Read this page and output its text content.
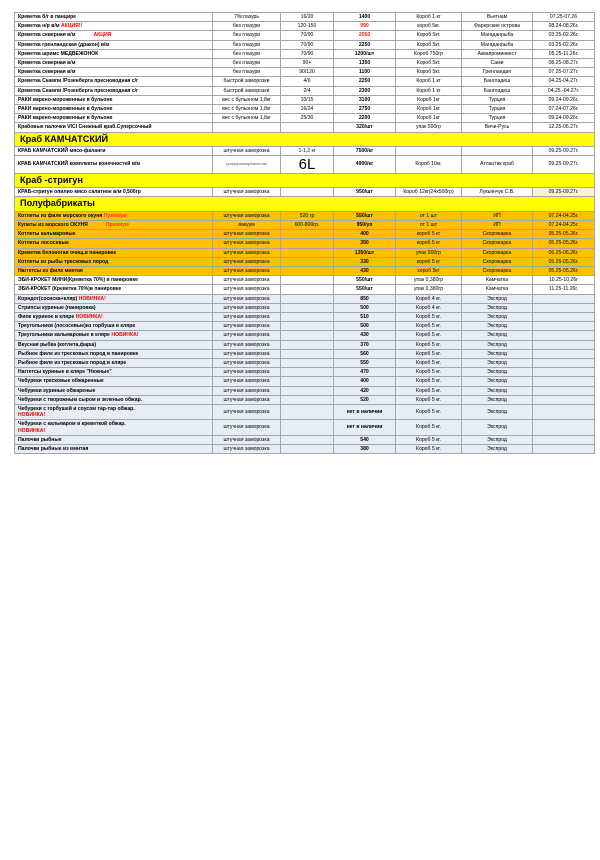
Креветка б/г в панцире	7%глазурь	16/20	1400	Короб 1 кг	Вьетнам	07.25-07.26
Креветка н/р в/м АКЦИЯ!!	без глазури	120-150	990	короб 5кг.	Фарерские острова	08.24-08.26г.
Креветка северная в/м АКЦИЯ	без глазури	70/90	2050	Короб 5кг.	Магаданрыба	03.25-02.26г.
Креветка гренландская (дракон) в/м	без глазури	70/90	2250	Короб 5кг.	Магаданрыба	03.25-02.26г.
Креветка шримс МЕДВЕЖОНОК	без глазури	70/90	1200/шт	Короб 750гр	Аквапроминвест	05.25-11.26г.
Креветка северная в/м	без глазури	90+	1350	Короб 5кг.	Сами	08.25-08.27г.
Креветка северная в/м	без глазури	90/120	1100	Короб 5кг.	Гренландия	07.25-07.27г.
Креветка Скампи /Розенберга пресноводная с/г	быстрой заморозки	4/6	2250	Короб 1 кг	Бангладеш	04.25-04.27г.
Креветка Скампи /Розенберга пресноводная с/г	быстрой заморозки	2/4	2300	Короб 1 кг	Бангладеш	04.25.-04.27г.
РАКИ варено-мороженные в бульоне	вес с бульоном 1,8кг	10/15	3100	Короб 1кг	Турция	09.24-09.26г.
РАКИ варено-мороженные в бульоне	вес с бульоном 1,8кг	16/24	2750	Короб 1кг	Турция	07.24-07.26г.
РАКИ варено-мороженные в бульоне	вес с бульоном 1,8кг	25/30	2200	Короб 1кг	Турция	09.24-09.26г.
Крабовые палочки VICI Снежный краб.Суперсочный			320/шт	упак 500гр	Вичи-Русь	12.25-06.27г.
Краб КАМЧАТСКИЙ						
КРАБ КАМЧАТСКИЙ мясо-фаланги	штучная заморозка	1-1,2 кг	7500/кг			09.25-09.27г.
КРАБ КАМЧАТСКИЙ комплекты конечностей в/м	супер/размер/качество	6L	4900/кг	Короб 10кг.	Атлантик краб	09.25-09.27г.
Краб -стригун						
КРАБ-стригун опилио мясо салатное в/м 0,500гр	штучная заморозка		950/шт	Короб 12кг(24х500гр)	Лукьянчук С.В.	09.25-09.27г.
Полуфабрикаты						
Котлеты из филе морского окуня Премиум	штучная заморозка	520 гр	550/шт	от 1 шт	ИП	07.24-04.25г.
Купаты из морского ОКУНЯ Премиум	вакуум	600-800гр.	950/уп	от 1 шт	ИП	07.24-04.25г.
Котлеты кальмаровые	штучная заморозка		400	короб 5 кг	Скорожарка	05.25-05.26г.
Котлеты лососевые	штучная заморозка		350	короб 5 кг	Скорожарка	05.25-05.26г.
Креветка белоногая очищ.в панировке	штучная заморозка		1350/шт	упак 900гр	Скорожарка	06.25-06.26г.
Котлеты из рыбы тресковых пород	штучная заморозка		330	короб 5 кг	Скорожарка	05.25-05.26г.
Наггетсы из филе минтая	штучная заморозка		430	короб 5кг	Скорожарка	05.25-05.26г.
ЭБИ-КРОКЕТ МИНИ(Креветка 70%) в панировке	штучная заморозка		550/шт	упак 0,380гр	Камчатка	10.25-10.26г
ЭБИ-КРОКЕТ (Креветка 70%)в панировке	штучная заморозка		550/шт	упак 0,380гр	Камчатка	11.25-11.26г.
Корндог(сосиска+кляр) НОВИНКА!	штучная заморозка		850	Короб 4 кг.	Экспрод	
Стрипсы куриные (панировка)	штучная заморозка		500	Короб 4 кг.	Экспрод	
Филе куриное в кляре НОВИНКА!	штучная заморозка		510	Короб 5 кг.	Экспрод	
Треугольники (лососевые)из горбуши в кляре	штучная заморозка		500	Короб 5 кг.	Экспрод	
Треугольники кальмаровые в кляре НОВИНКА!	штучная заморозка		430	Короб 5 кг.	Экспрод	
Вкусная рыбка (котлета,фарш)	штучная заморозка		370	Короб 5 кг.	Экспрод	
Рыбное филе из тресковых пород в панировке	штучная заморозка		560	Короб 5 кг.	Экспрод	
Рыбное филе из тресковых пород в кляре	штучная заморозка		550	Короб 5 кг.	Экспрод	
Наггетсы куриные в кляре "Нежные"	штучная заморозка		470	Короб 5 кг.	Экспрод	
Чебуреки тресковые обжаренные	штучная заморозка		400	Короб 5 кг.	Экспрод	
Чебуреки куриные обжареные	штучная заморозка		420	Короб 5 кг.	Экспрод	
Чебуреки с творожным сыром и зеленью обжар.	штучная заморозка		520	Короб 5 кг.	Экспрод	
Чебуреки с горбушей и соусом тар-тар обжар.
НОВИНКА!	штучная заморозка		нет в наличии	Короб 5 кг.	Экспрод	
Чебуреки с кальмаром и креветкой обжар.
НОВИНКА!	штучная заморозка		нет в наличии	Короб 5 кг.	Экспрод	
Палочки рыбные	штучная заморозка		540	Короб 5 кг.	Экспрод	
Палочки рыбные из минтая	штучная заморозка		380	Короб 5 кг.	Экспрод	
